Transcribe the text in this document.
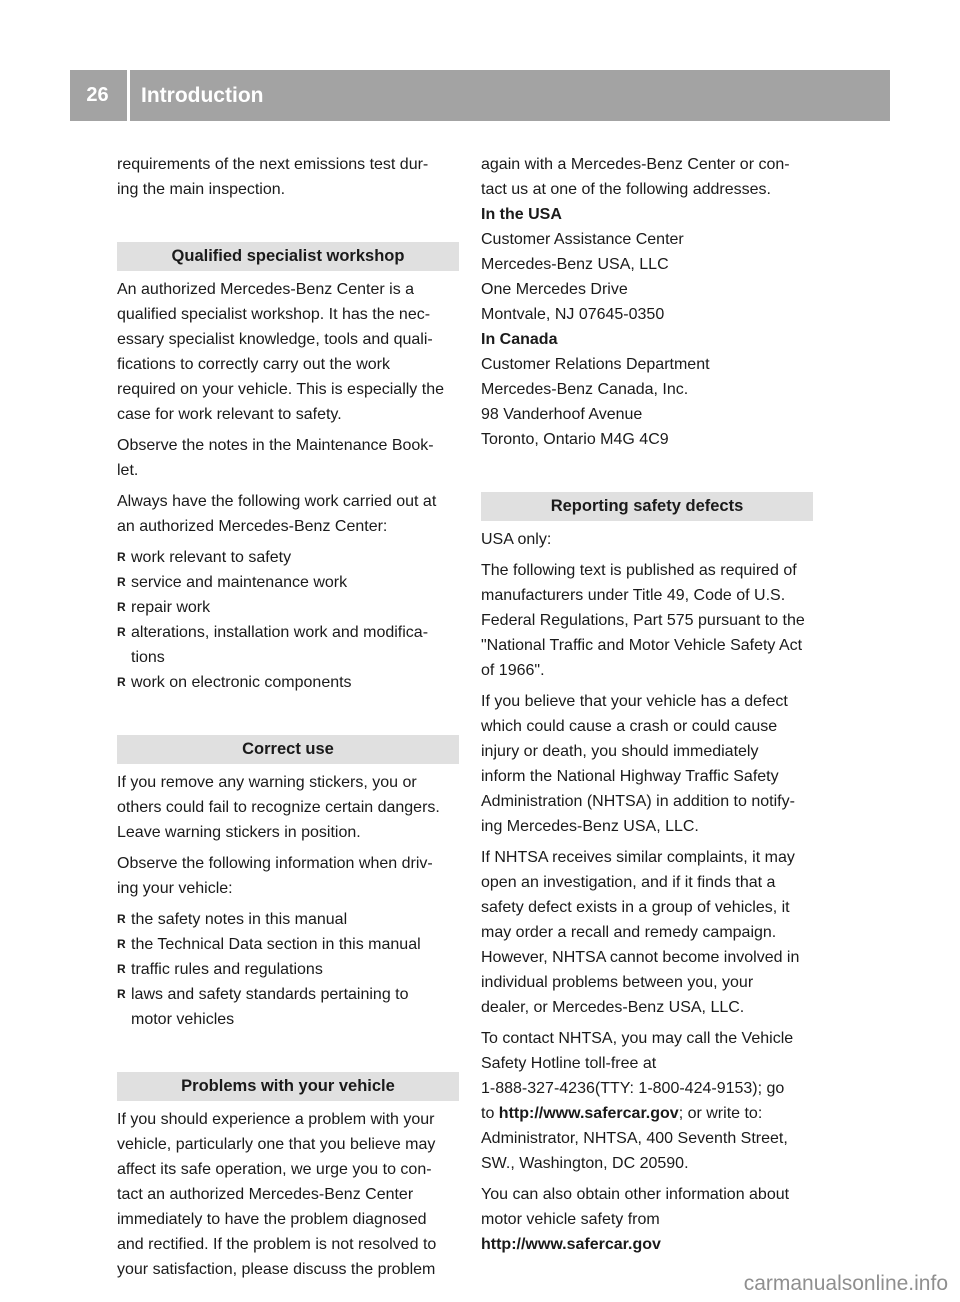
26	Introduction

requirements of the next emissions test dur-
ing the main inspection.

Qualified specialist workshop

An authorized Mercedes-Benz Center is a
qualified specialist workshop. It has the nec-
essary specialist knowledge, tools and quali-
fications to correctly carry out the work
required on your vehicle. This is especially the
case for work relevant to safety.

Observe the notes in the Maintenance Book-
let.

Always have the following work carried out at
an authorized Mercedes-Benz Center:

R work relevant to safety
R service and maintenance work
R repair work
R alterations, installation work and modifica-
tions
R work on electronic components
Correct use

If you remove any warning stickers, you or
others could fail to recognize certain dangers.
Leave warning stickers in position.

Observe the following information when driv-
ing your vehicle:

R the safety notes in this manual
R the Technical Data section in this manual
R traffic rules and regulations
R laws and safety standards pertaining to
motor vehicles
Problems with your vehicle

If you should experience a problem with your
vehicle, particularly one that you believe may
affect its safe operation, we urge you to con-
tact an authorized Mercedes-Benz Center
immediately to have the problem diagnosed
and rectified. If the problem is not resolved to
your satisfaction, please discuss the problem

again with a Mercedes-Benz Center or con-
tact us at one of the following addresses.

In the USA

Customer Assistance Center
Mercedes-Benz USA, LLC
One Mercedes Drive
Montvale, NJ 07645-0350

In Canada

Customer Relations Department
Mercedes-Benz Canada, Inc.
98 Vanderhoof Avenue
Toronto, Ontario M4G 4C9

Reporting safety defects

USA only:

The following text is published as required of
manufacturers under Title 49, Code of U.S.
Federal Regulations, Part 575 pursuant to the
"National Traffic and Motor Vehicle Safety Act
of 1966".

If you believe that your vehicle has a defect
which could cause a crash or could cause
injury or death, you should immediately
inform the National Highway Traffic Safety
Administration (NHTSA) in addition to notify-
ing Mercedes-Benz USA, LLC.

If NHTSA receives similar complaints, it may
open an investigation, and if it finds that a
safety defect exists in a group of vehicles, it
may order a recall and remedy campaign.
However, NHTSA cannot become involved in
individual problems between you, your
dealer, or Mercedes-Benz USA, LLC.

To contact NHTSA, you may call the Vehicle
Safety Hotline toll-free at
1-888-327-4236(TTY: 1-800-424-9153); go
to http://www.safercar.gov; or write to:
Administrator, NHTSA, 400 Seventh Street,
SW., Washington, DC 20590.

You can also obtain other information about
motor vehicle safety from

http://www.safercar.gov

carmanualsonline.info
